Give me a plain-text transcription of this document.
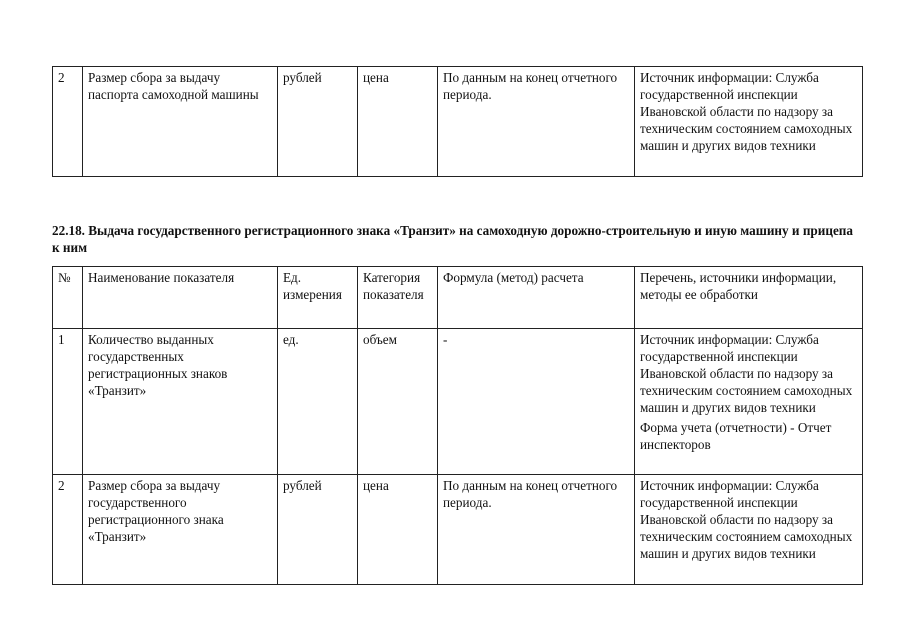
2	Размер сбора за выдачу паспорта самоходной машины	рублей	цена	По данным на конец отчетного периода.	Источник информации: Служба государственной инспекции Ивановской области по надзору за техническим состоянием самоходных машин и других видов техники
22.18. Выдача государственного регистрационного знака «Транзит» на самоходную дорожно-строительную и иную машину и прицепа к ним
№	Наименование показателя	Ед. измерения	Категория показателя	Формула (метод) расчета	Перечень, источники информации, методы ее обработки
1	Количество выданных государственных регистрационных знаков «Транзит»	ед.	объем	-	Источник информации: Служба государственной инспекции Ивановской области по надзору за техническим состоянием самоходных машин и других видов техники

Форма учета (отчетности) - Отчет инспекторов

2	Размер сбора за выдачу государственного регистрационного знака «Транзит»	рублей	цена	По данным на конец отчетного периода.	Источник информации: Служба государственной инспекции Ивановской области по надзору за техническим состоянием самоходных машин и других видов техники
